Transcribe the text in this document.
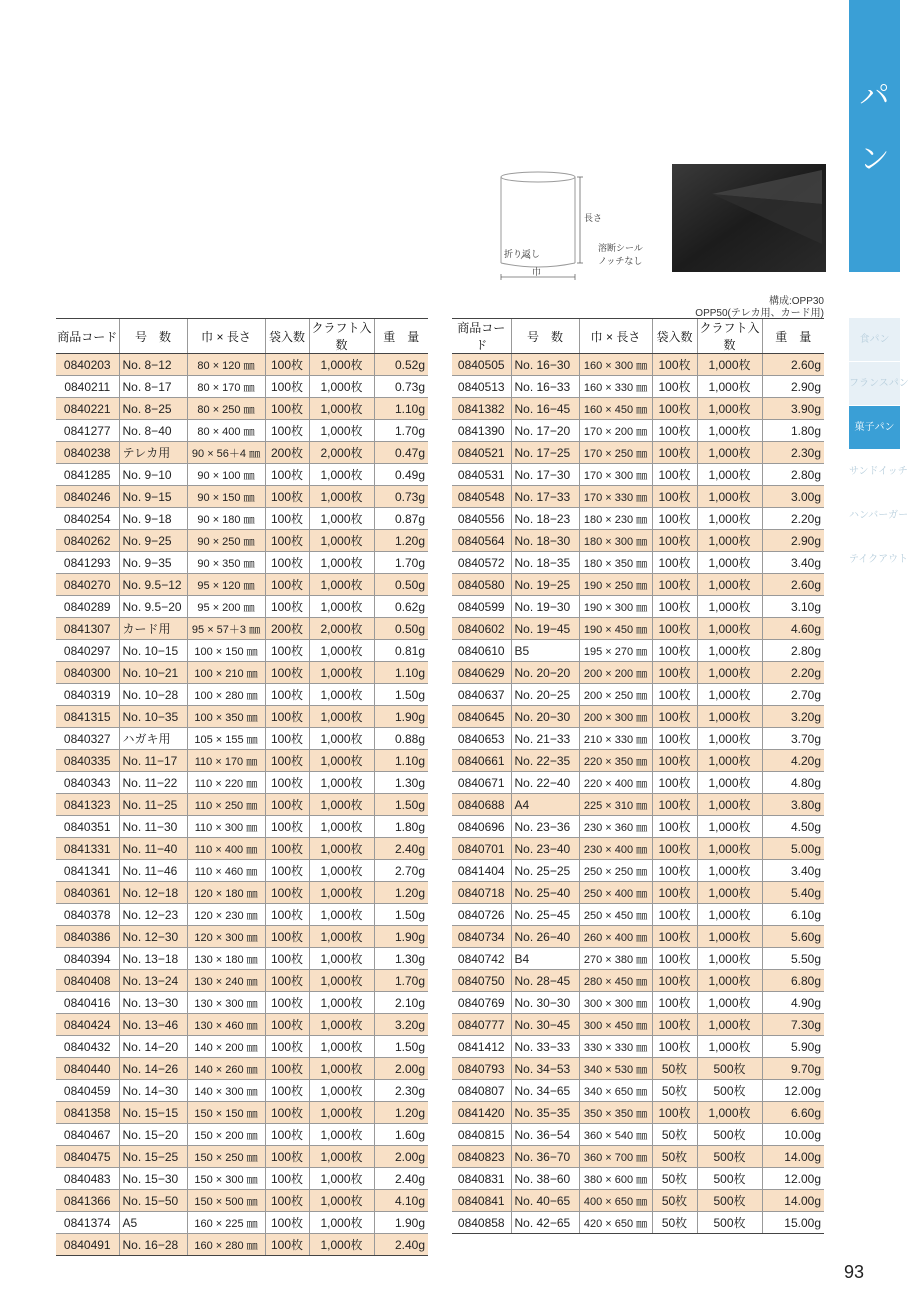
パ
ン
食パン
フランスパン
菓子パン
サンドイッチ
ハンバーガー
テイクアウト
長さ
折り返し
巾
溶断シール
ノッチなし
構成:OPP30
OPP50(テレカ用、カード用)
商品コード	号　数	巾 × 長さ	袋入数	クラフト入数	重　量
0840203	No. 8−12	80 × 120 ㎜	100枚	1,000枚	0.52g
0840211	No. 8−17	80 × 170 ㎜	100枚	1,000枚	0.73g
0840221	No. 8−25	80 × 250 ㎜	100枚	1,000枚	1.10g
0841277	No. 8−40	80 × 400 ㎜	100枚	1,000枚	1.70g
0840238	テレカ用	90 × 56＋4 ㎜	200枚	2,000枚	0.47g
0841285	No. 9−10	90 × 100 ㎜	100枚	1,000枚	0.49g
0840246	No. 9−15	90 × 150 ㎜	100枚	1,000枚	0.73g
0840254	No. 9−18	90 × 180 ㎜	100枚	1,000枚	0.87g
0840262	No. 9−25	90 × 250 ㎜	100枚	1,000枚	1.20g
0841293	No. 9−35	90 × 350 ㎜	100枚	1,000枚	1.70g
0840270	No. 9.5−12	95 × 120 ㎜	100枚	1,000枚	0.50g
0840289	No. 9.5−20	95 × 200 ㎜	100枚	1,000枚	0.62g
0841307	カード用	95 × 57＋3 ㎜	200枚	2,000枚	0.50g
0840297	No. 10−15	100 × 150 ㎜	100枚	1,000枚	0.81g
0840300	No. 10−21	100 × 210 ㎜	100枚	1,000枚	1.10g
0840319	No. 10−28	100 × 280 ㎜	100枚	1,000枚	1.50g
0841315	No. 10−35	100 × 350 ㎜	100枚	1,000枚	1.90g
0840327	ハガキ用	105 × 155 ㎜	100枚	1,000枚	0.88g
0840335	No. 11−17	110 × 170 ㎜	100枚	1,000枚	1.10g
0840343	No. 11−22	110 × 220 ㎜	100枚	1,000枚	1.30g
0841323	No. 11−25	110 × 250 ㎜	100枚	1,000枚	1.50g
0840351	No. 11−30	110 × 300 ㎜	100枚	1,000枚	1.80g
0841331	No. 11−40	110 × 400 ㎜	100枚	1,000枚	2.40g
0841341	No. 11−46	110 × 460 ㎜	100枚	1,000枚	2.70g
0840361	No. 12−18	120 × 180 ㎜	100枚	1,000枚	1.20g
0840378	No. 12−23	120 × 230 ㎜	100枚	1,000枚	1.50g
0840386	No. 12−30	120 × 300 ㎜	100枚	1,000枚	1.90g
0840394	No. 13−18	130 × 180 ㎜	100枚	1,000枚	1.30g
0840408	No. 13−24	130 × 240 ㎜	100枚	1,000枚	1.70g
0840416	No. 13−30	130 × 300 ㎜	100枚	1,000枚	2.10g
0840424	No. 13−46	130 × 460 ㎜	100枚	1,000枚	3.20g
0840432	No. 14−20	140 × 200 ㎜	100枚	1,000枚	1.50g
0840440	No. 14−26	140 × 260 ㎜	100枚	1,000枚	2.00g
0840459	No. 14−30	140 × 300 ㎜	100枚	1,000枚	2.30g
0841358	No. 15−15	150 × 150 ㎜	100枚	1,000枚	1.20g
0840467	No. 15−20	150 × 200 ㎜	100枚	1,000枚	1.60g
0840475	No. 15−25	150 × 250 ㎜	100枚	1,000枚	2.00g
0840483	No. 15−30	150 × 300 ㎜	100枚	1,000枚	2.40g
0841366	No. 15−50	150 × 500 ㎜	100枚	1,000枚	4.10g
0841374	A5	160 × 225 ㎜	100枚	1,000枚	1.90g
0840491	No. 16−28	160 × 280 ㎜	100枚	1,000枚	2.40g
商品コード	号　数	巾 × 長さ	袋入数	クラフト入数	重　量
0840505	No. 16−30	160 × 300 ㎜	100枚	1,000枚	2.60g
0840513	No. 16−33	160 × 330 ㎜	100枚	1,000枚	2.90g
0841382	No. 16−45	160 × 450 ㎜	100枚	1,000枚	3.90g
0841390	No. 17−20	170 × 200 ㎜	100枚	1,000枚	1.80g
0840521	No. 17−25	170 × 250 ㎜	100枚	1,000枚	2.30g
0840531	No. 17−30	170 × 300 ㎜	100枚	1,000枚	2.80g
0840548	No. 17−33	170 × 330 ㎜	100枚	1,000枚	3.00g
0840556	No. 18−23	180 × 230 ㎜	100枚	1,000枚	2.20g
0840564	No. 18−30	180 × 300 ㎜	100枚	1,000枚	2.90g
0840572	No. 18−35	180 × 350 ㎜	100枚	1,000枚	3.40g
0840580	No. 19−25	190 × 250 ㎜	100枚	1,000枚	2.60g
0840599	No. 19−30	190 × 300 ㎜	100枚	1,000枚	3.10g
0840602	No. 19−45	190 × 450 ㎜	100枚	1,000枚	4.60g
0840610	B5	195 × 270 ㎜	100枚	1,000枚	2.80g
0840629	No. 20−20	200 × 200 ㎜	100枚	1,000枚	2.20g
0840637	No. 20−25	200 × 250 ㎜	100枚	1,000枚	2.70g
0840645	No. 20−30	200 × 300 ㎜	100枚	1,000枚	3.20g
0840653	No. 21−33	210 × 330 ㎜	100枚	1,000枚	3.70g
0840661	No. 22−35	220 × 350 ㎜	100枚	1,000枚	4.20g
0840671	No. 22−40	220 × 400 ㎜	100枚	1,000枚	4.80g
0840688	A4	225 × 310 ㎜	100枚	1,000枚	3.80g
0840696	No. 23−36	230 × 360 ㎜	100枚	1,000枚	4.50g
0840701	No. 23−40	230 × 400 ㎜	100枚	1,000枚	5.00g
0841404	No. 25−25	250 × 250 ㎜	100枚	1,000枚	3.40g
0840718	No. 25−40	250 × 400 ㎜	100枚	1,000枚	5.40g
0840726	No. 25−45	250 × 450 ㎜	100枚	1,000枚	6.10g
0840734	No. 26−40	260 × 400 ㎜	100枚	1,000枚	5.60g
0840742	B4	270 × 380 ㎜	100枚	1,000枚	5.50g
0840750	No. 28−45	280 × 450 ㎜	100枚	1,000枚	6.80g
0840769	No. 30−30	300 × 300 ㎜	100枚	1,000枚	4.90g
0840777	No. 30−45	300 × 450 ㎜	100枚	1,000枚	7.30g
0841412	No. 33−33	330 × 330 ㎜	100枚	1,000枚	5.90g
0840793	No. 34−53	340 × 530 ㎜	50枚	500枚	9.70g
0840807	No. 34−65	340 × 650 ㎜	50枚	500枚	12.00g
0841420	No. 35−35	350 × 350 ㎜	100枚	1,000枚	6.60g
0840815	No. 36−54	360 × 540 ㎜	50枚	500枚	10.00g
0840823	No. 36−70	360 × 700 ㎜	50枚	500枚	14.00g
0840831	No. 38−60	380 × 600 ㎜	50枚	500枚	12.00g
0840841	No. 40−65	400 × 650 ㎜	50枚	500枚	14.00g
0840858	No. 42−65	420 × 650 ㎜	50枚	500枚	15.00g
93
